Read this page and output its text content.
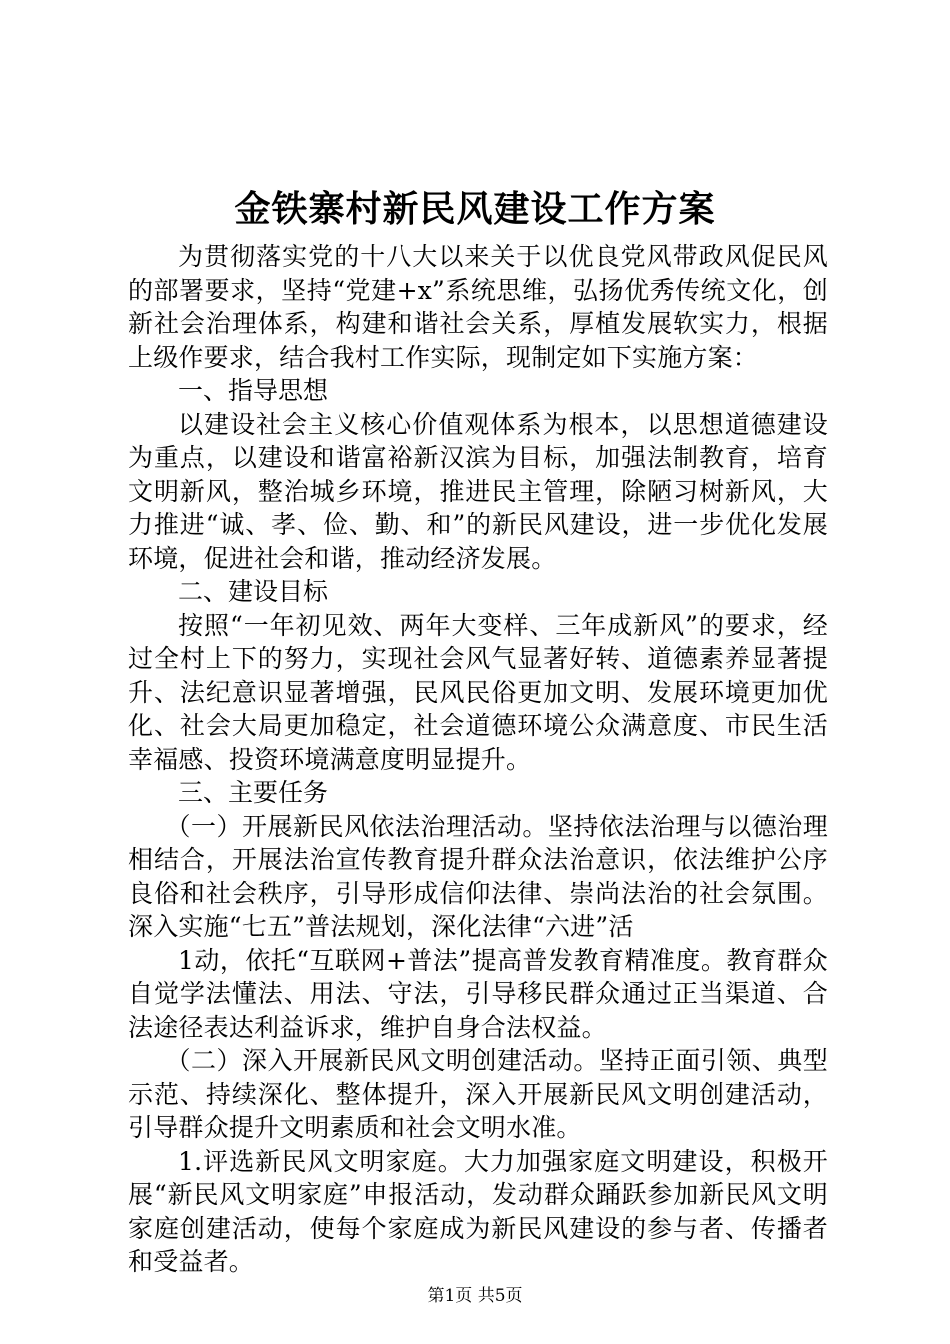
金铁寨村新民风建设工作方案

为贯彻落实党的十八大以来关于以优良党风带政风促民风的部署要求，坚持“党建+x”系统思维，弘扬优秀传统文化，创新社会治理体系，构建和谐社会关系，厚植发展软实力，根据上级作要求，结合我村工作实际，现制定如下实施方案：

一、指导思想

以建设社会主义核心价值观体系为根本，以思想道德建设为重点，以建设和谐富裕新汉滨为目标，加强法制教育，培育文明新风，整治城乡环境，推进民主管理，除陋习树新风，大力推进“诚、孝、俭、勤、和”的新民风建设，进一步优化发展环境，促进社会和谐，推动经济发展。

二、建设目标

按照“一年初见效、两年大变样、三年成新风”的要求，经过全村上下的努力，实现社会风气显著好转、道德素养显著提升、法纪意识显著增强，民风民俗更加文明、发展环境更加优化、社会大局更加稳定，社会道德环境公众满意度、市民生活幸福感、投资环境满意度明显提升。

三、主要任务

（一）开展新民风依法治理活动。坚持依法治理与以德治理相结合，开展法治宣传教育提升群众法治意识，依法维护公序良俗和社会秩序，引导形成信仰法律、崇尚法治的社会氛围。深入实施“七五”普法规划，深化法律“六进”活

1动，依托“互联网+普法”提高普发教育精准度。教育群众自觉学法懂法、用法、守法，引导移民群众通过正当渠道、合法途径表达利益诉求，维护自身合法权益。

（二）深入开展新民风文明创建活动。坚持正面引领、典型示范、持续深化、整体提升，深入开展新民风文明创建活动，引导群众提升文明素质和社会文明水准。

1.评选新民风文明家庭。大力加强家庭文明建设，积极开展“新民风文明家庭”申报活动，发动群众踊跃参加新民风文明家庭创建活动，使每个家庭成为新民风建设的参与者、传播者和受益者。

第1页 共5页
